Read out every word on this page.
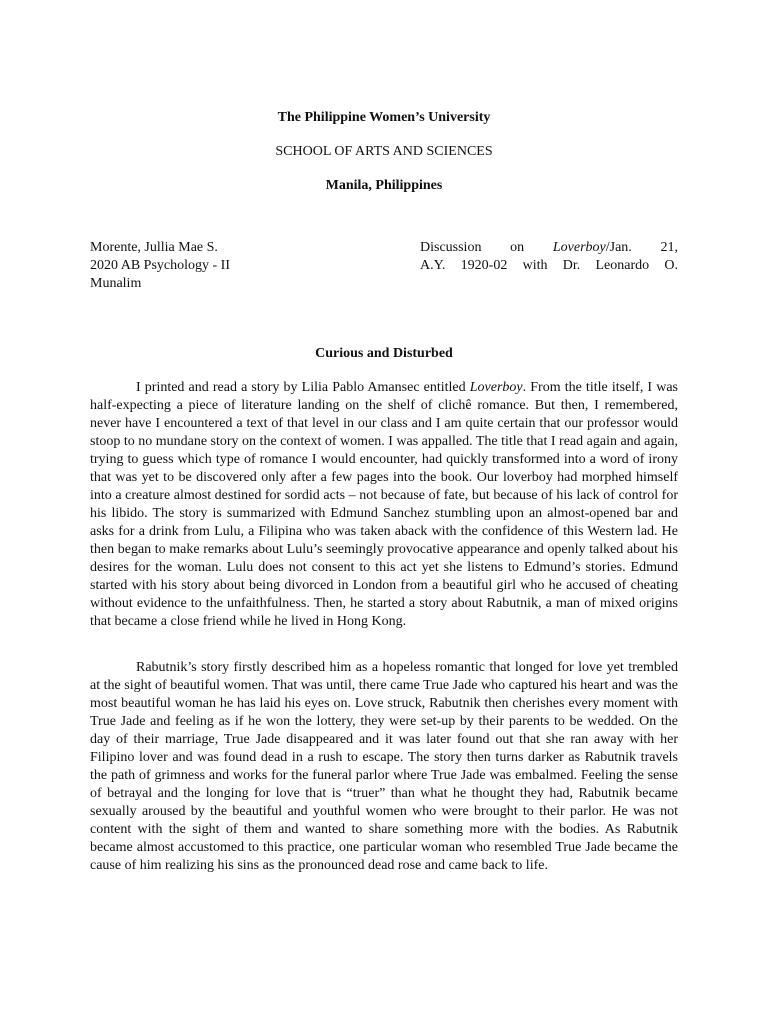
The Philippine Women’s University
SCHOOL OF ARTS AND SCIENCES
Manila, Philippines
Morente, Jullia Mae S.
2020 AB Psychology - II
Munalim
Discussion on Loverboy/Jan. 21,
A.Y. 1920-02 with Dr. Leonardo O.
Curious and Disturbed

I printed and read a story by Lilia Pablo Amansec entitled Loverboy. From the title itself, I was half-expecting a piece of literature landing on the shelf of clichê romance. But then, I remembered, never have I encountered a text of that level in our class and I am quite certain that our professor would stoop to no mundane story on the context of women. I was appalled. The title that I read again and again, trying to guess which type of romance I would encounter, had quickly transformed into a word of irony that was yet to be discovered only after a few pages into the book. Our loverboy had morphed himself into a creature almost destined for sordid acts – not because of fate, but because of his lack of control for his libido. The story is summarized with Edmund Sanchez stumbling upon an almost-opened bar and asks for a drink from Lulu, a Filipina who was taken aback with the confidence of this Western lad. He then began to make remarks about Lulu’s seemingly provocative appearance and openly talked about his desires for the woman. Lulu does not consent to this act yet she listens to Edmund’s stories. Edmund started with his story about being divorced in London from a beautiful girl who he accused of cheating without evidence to the unfaithfulness. Then, he started a story about Rabutnik, a man of mixed origins that became a close friend while he lived in Hong Kong.

Rabutnik’s story firstly described him as a hopeless romantic that longed for love yet trembled at the sight of beautiful women. That was until, there came True Jade who captured his heart and was the most beautiful woman he has laid his eyes on. Love struck, Rabutnik then cherishes every moment with True Jade and feeling as if he won the lottery, they were set-up by their parents to be wedded. On the day of their marriage, True Jade disappeared and it was later found out that she ran away with her Filipino lover and was found dead in a rush to escape. The story then turns darker as Rabutnik travels the path of grimness and works for the funeral parlor where True Jade was embalmed. Feeling the sense of betrayal and the longing for love that is “truer” than what he thought they had, Rabutnik became sexually aroused by the beautiful and youthful women who were brought to their parlor. He was not content with the sight of them and wanted to share something more with the bodies. As Rabutnik became almost accustomed to this practice, one particular woman who resembled True Jade became the cause of him realizing his sins as the pronounced dead rose and came back to life.
